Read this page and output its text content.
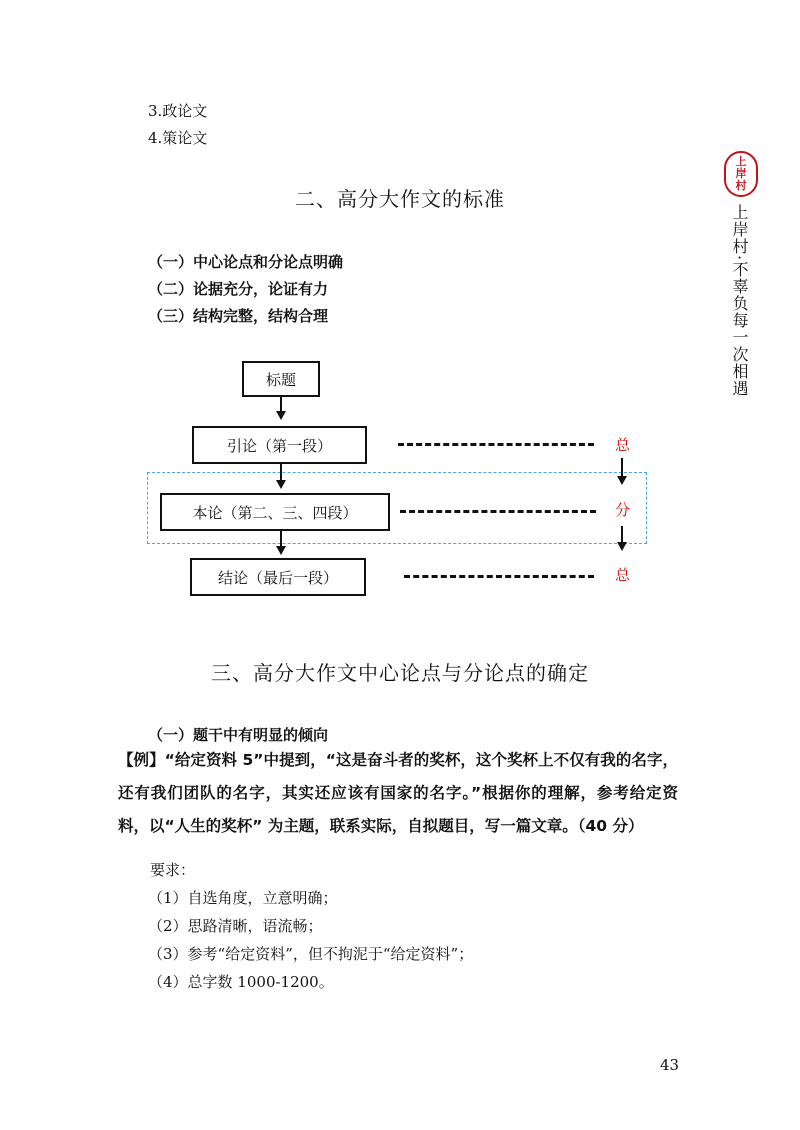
3.政论文
4.策论文
二、高分大作文的标准
（一）中心论点和分论点明确
（二）论据充分，论证有力
（三）结构完整，结构合理
标题
引论（第一段）
本论（第二、三、四段）
结论（最后一段）
总
分
总
三、高分大作文中心论点与分论点的确定
（一）题干中有明显的倾向
【例】“给定资料 5”中提到，“这是奋斗者的奖杯，这个奖杯上不仅有我的名字，还有我们团队的名字，其实还应该有国家的名字。”根据你的理解，参考给定资料，以“人生的奖杯” 为主题，联系实际，自拟题目，写一篇文章。（40 分）
要求：
（1）自选角度，立意明确；
（2）思路清晰，语流畅；
（3）参考“给定资料”，但不拘泥于“给定资料”；
（4）总字数 1000-1200。
上岸村
上岸村·不辜负每一次相遇
43
